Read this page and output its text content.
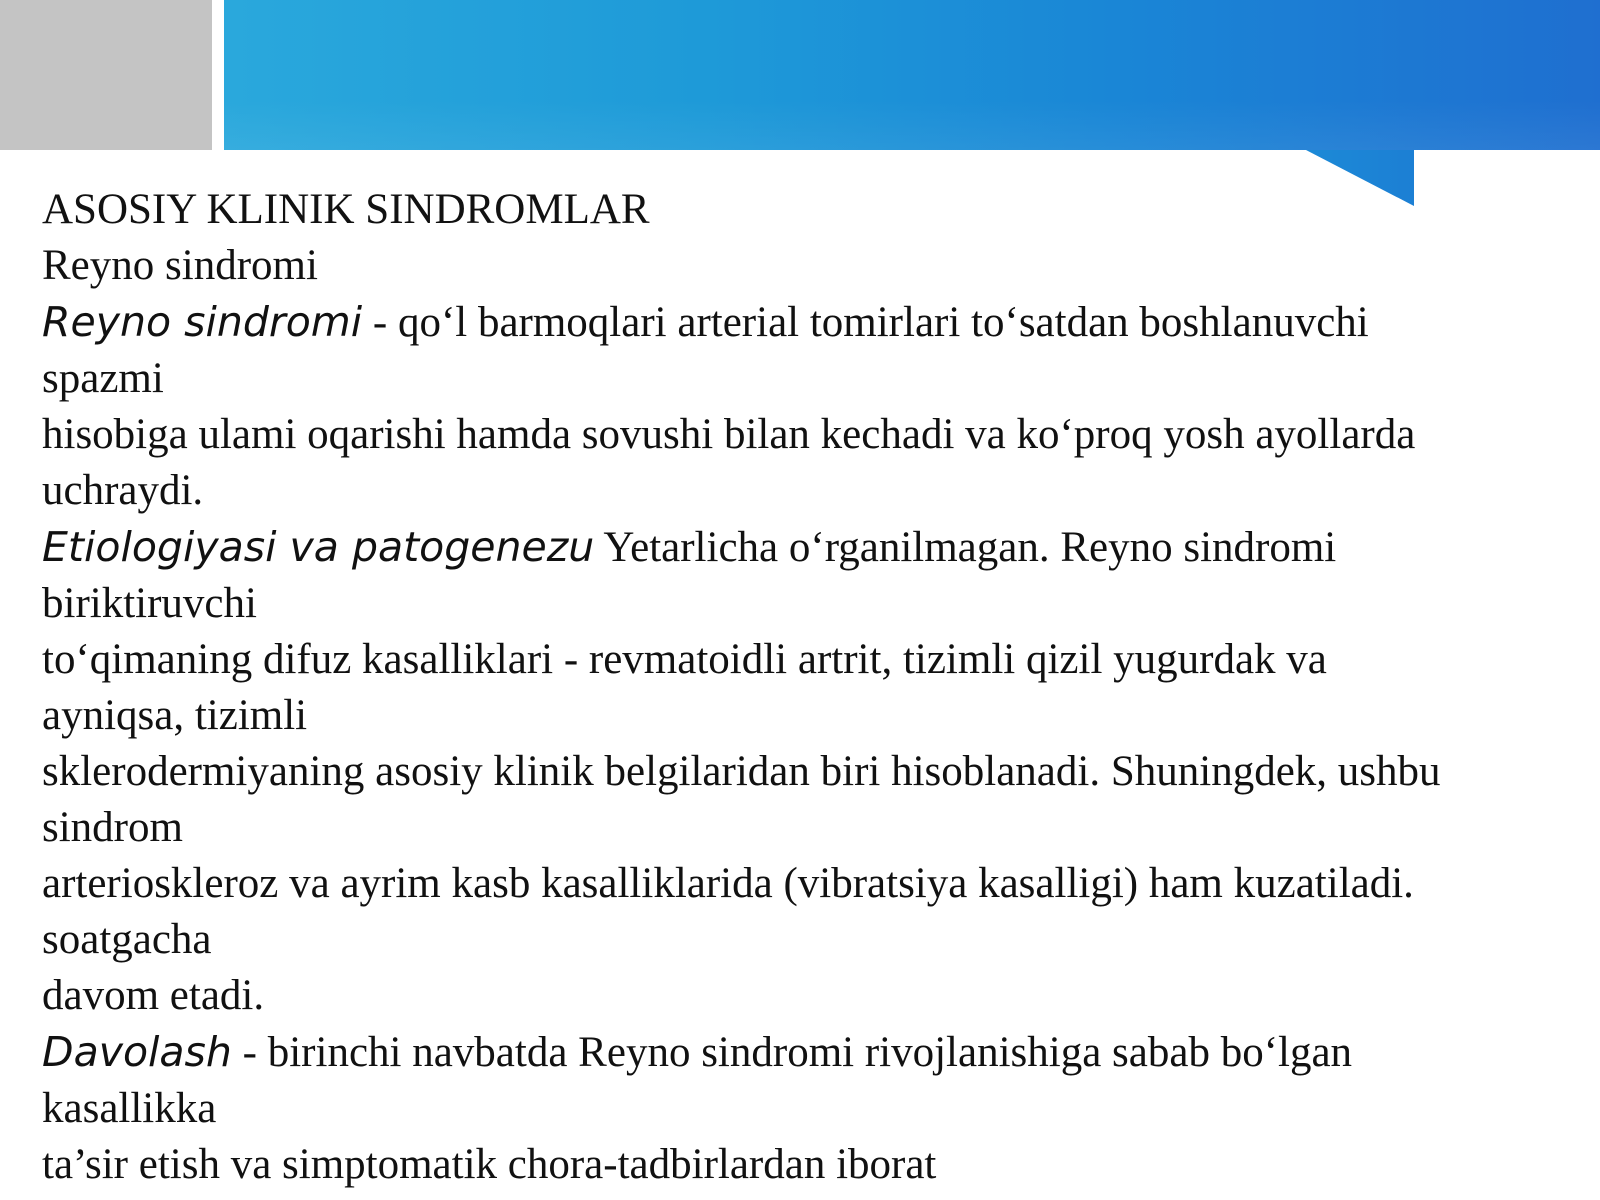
ASOSIY KLINIK SINDROMLAR
Reyno sindromi
Reyno sindromi - qo‘l barmoqlari arterial tomirlari to‘satdan boshlanuvchi
spazmi
hisobiga ulami oqarishi hamda sovushi bilan kechadi va ko‘proq yosh ayollarda
uchraydi.
Etiologiyasi va patogenezu Yetarlicha o‘rganilmagan. Reyno sindromi
biriktiruvchi
to‘qimaning difuz kasalliklari - revmatoidli artrit, tizimli qizil yugurdak va
ayniqsa, tizimli
sklerodermiyaning asosiy klinik belgilaridan biri hisoblanadi. Shuningdek, ushbu
sindrom
arterioskleroz va ayrim kasb kasalliklarida (vibratsiya kasalligi) ham kuzatiladi.
soatgacha
davom etadi.
Davolash - birinchi navbatda Reyno sindromi rivojlanishiga sabab bo‘lgan
kasallikka
ta’sir etish va simptomatik chora-tadbirlardan iborat
